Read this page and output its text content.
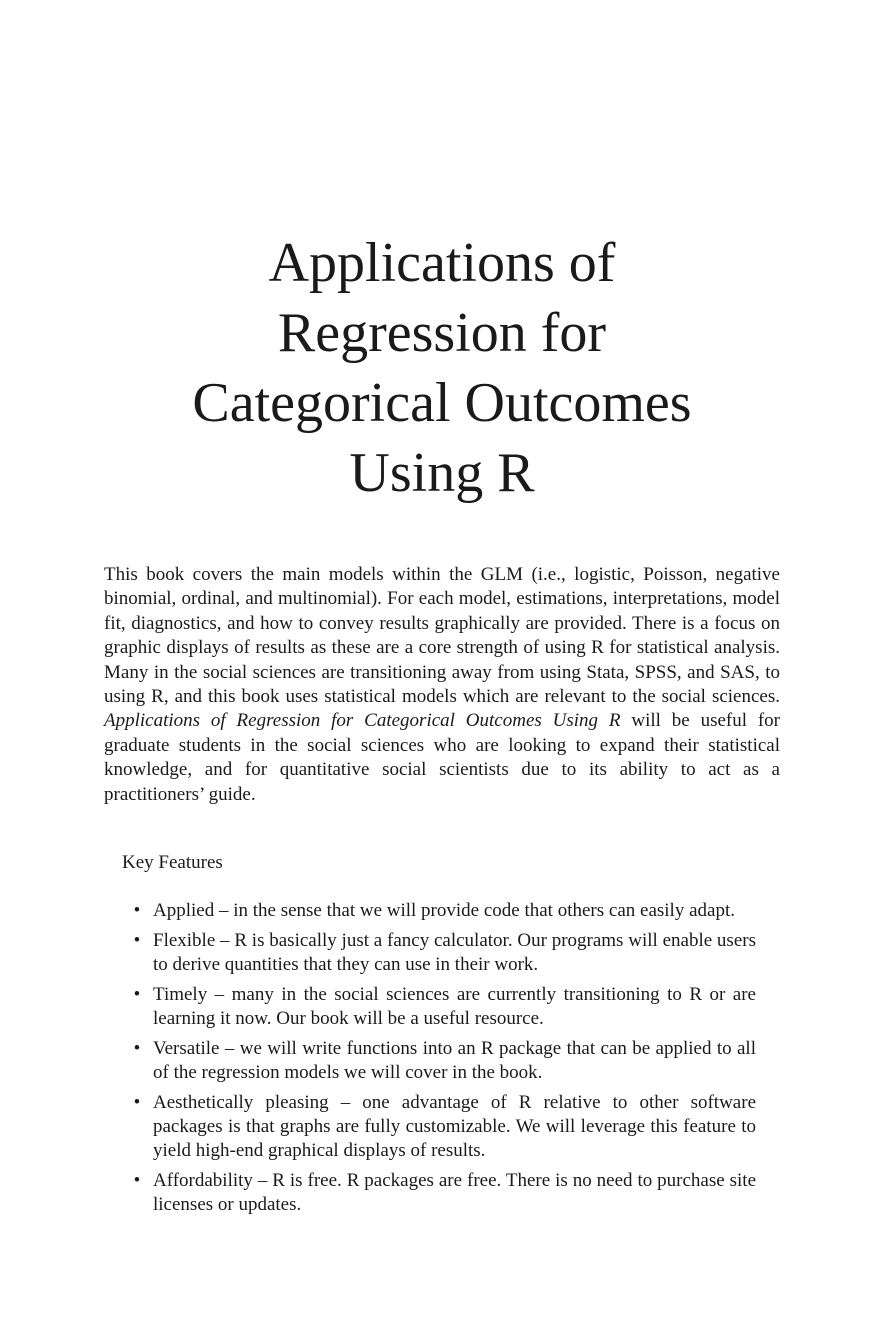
Applications of
Regression for
Categorical Outcomes
Using R

This book covers the main models within the GLM (i.e., logistic, Poisson, negative binomial, ordinal, and multinomial). For each model, estimations, interpretations, model fit, diagnostics, and how to convey results graphically are provided. There is a focus on graphic displays of results as these are a core strength of using R for statistical analysis. Many in the social sciences are transitioning away from using Stata, SPSS, and SAS, to using R, and this book uses statistical models which are relevant to the social sciences. Applications of Regression for Categorical Outcomes Using R will be useful for graduate students in the social sciences who are looking to expand their statistical knowledge, and for quantitative social scientists due to its ability to act as a practitioners’ guide.

Key Features

• Applied – in the sense that we will provide code that others can easily adapt.
• Flexible – R is basically just a fancy calculator. Our programs will enable users to derive quantities that they can use in their work.
• Timely – many in the social sciences are currently transitioning to R or are learning it now. Our book will be a useful resource.
• Versatile – we will write functions into an R package that can be applied to all of the regression models we will cover in the book.
• Aesthetically pleasing – one advantage of R relative to other software packages is that graphs are fully customizable. We will leverage this feature to yield high-end graphical displays of results.
• Affordability – R is free. R packages are free. There is no need to purchase site licenses or updates.
